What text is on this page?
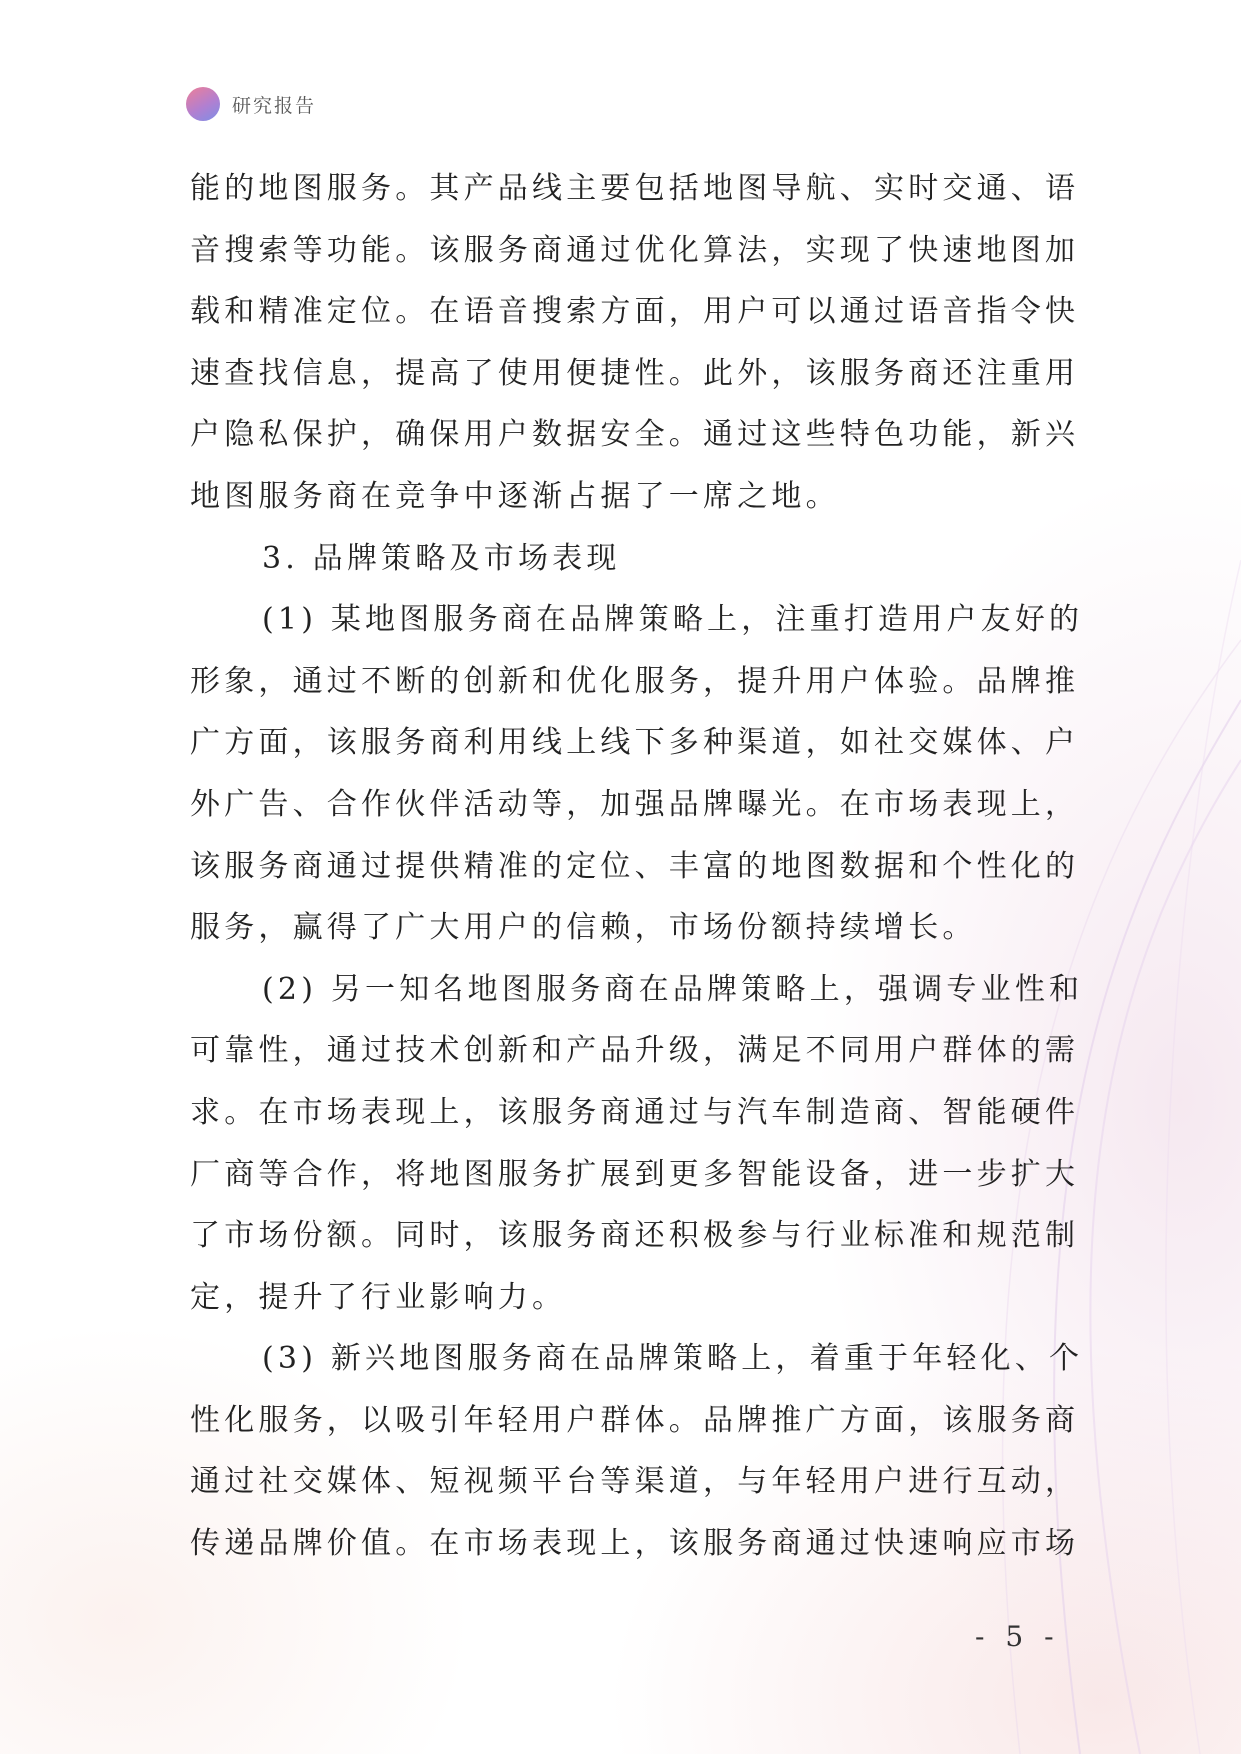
研究报告
能的地图服务。其产品线主要包括地图导航、实时交通、语
音搜索等功能。该服务商通过优化算法，实现了快速地图加
载和精准定位。在语音搜索方面，用户可以通过语音指令快
速查找信息，提高了使用便捷性。此外，该服务商还注重用
户隐私保护，确保用户数据安全。通过这些特色功能，新兴
地图服务商在竞争中逐渐占据了一席之地。
3. 品牌策略及市场表现
(1) 某地图服务商在品牌策略上，注重打造用户友好的
形象，通过不断的创新和优化服务，提升用户体验。品牌推
广方面，该服务商利用线上线下多种渠道，如社交媒体、户
外广告、合作伙伴活动等，加强品牌曝光。在市场表现上，
该服务商通过提供精准的定位、丰富的地图数据和个性化的
服务，赢得了广大用户的信赖，市场份额持续增长。
(2) 另一知名地图服务商在品牌策略上，强调专业性和
可靠性，通过技术创新和产品升级，满足不同用户群体的需
求。在市场表现上，该服务商通过与汽车制造商、智能硬件
厂商等合作，将地图服务扩展到更多智能设备，进一步扩大
了市场份额。同时，该服务商还积极参与行业标准和规范制
定，提升了行业影响力。
(3) 新兴地图服务商在品牌策略上，着重于年轻化、个
性化服务，以吸引年轻用户群体。品牌推广方面，该服务商
通过社交媒体、短视频平台等渠道，与年轻用户进行互动，
传递品牌价值。在市场表现上，该服务商通过快速响应市场
- 5 -
